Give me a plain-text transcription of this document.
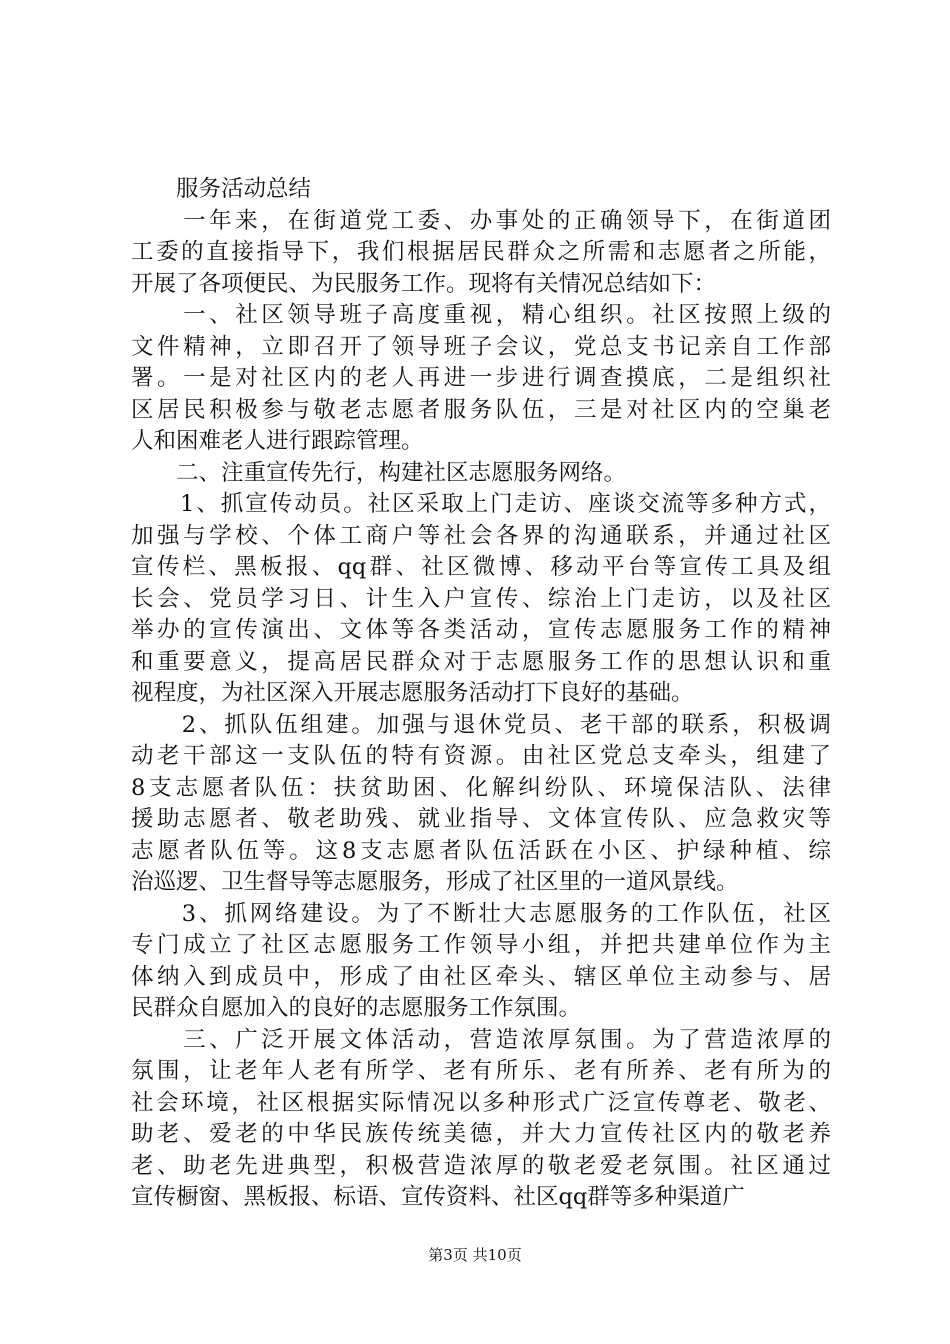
　　服务活动总结
　　一年来，在街道党工委、办事处的正确领导下，在街道团
工委的直接指导下，我们根据居民群众之所需和志愿者之所能，
开展了各项便民、为民服务工作。现将有关情况总结如下：
　　一、社区领导班子高度重视，精心组织。社区按照上级的
文件精神，立即召开了领导班子会议，党总支书记亲自工作部
署。一是对社区内的老人再进一步进行调查摸底，二是组织社
区居民积极参与敬老志愿者服务队伍，三是对社区内的空巢老
人和困难老人进行跟踪管理。
　　二、注重宣传先行，构建社区志愿服务网络。
　　1、抓宣传动员。社区采取上门走访、座谈交流等多种方式，
加强与学校、个体工商户等社会各界的沟通联系，并通过社区
宣传栏、黑板报、qq群、社区微博、移动平台等宣传工具及组
长会、党员学习日、计生入户宣传、综治上门走访，以及社区
举办的宣传演出、文体等各类活动，宣传志愿服务工作的精神
和重要意义，提高居民群众对于志愿服务工作的思想认识和重
视程度，为社区深入开展志愿服务活动打下良好的基础。
　　2、抓队伍组建。加强与退休党员、老干部的联系，积极调
动老干部这一支队伍的特有资源。由社区党总支牵头，组建了
8支志愿者队伍：扶贫助困、化解纠纷队、环境保洁队、法律
援助志愿者、敬老助残、就业指导、文体宣传队、应急救灾等
志愿者队伍等。这8支志愿者队伍活跃在小区、护绿种植、综
治巡逻、卫生督导等志愿服务，形成了社区里的一道风景线。
　　3、抓网络建设。为了不断壮大志愿服务的工作队伍，社区
专门成立了社区志愿服务工作领导小组，并把共建单位作为主
体纳入到成员中，形成了由社区牵头、辖区单位主动参与、居
民群众自愿加入的良好的志愿服务工作氛围。
　　三、广泛开展文体活动，营造浓厚氛围。为了营造浓厚的
氛围，让老年人老有所学、老有所乐、老有所养、老有所为的
社会环境，社区根据实际情况以多种形式广泛宣传尊老、敬老、
助老、爱老的中华民族传统美德，并大力宣传社区内的敬老养
老、助老先进典型，积极营造浓厚的敬老爱老氛围。社区通过
宣传橱窗、黑板报、标语、宣传资料、社区qq群等多种渠道广
第3页 共10页
